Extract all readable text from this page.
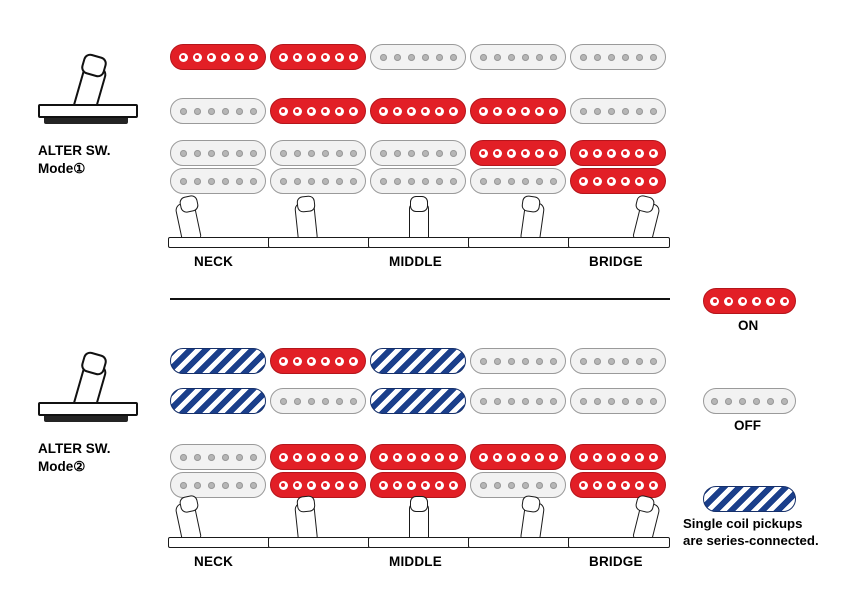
ALTER SW.
Mode①
NECK	MIDDLE	BRIDGE
ALTER SW.
Mode②
NECK	MIDDLE	BRIDGE
ON
OFF
Single coil pickups
are series-connected.
